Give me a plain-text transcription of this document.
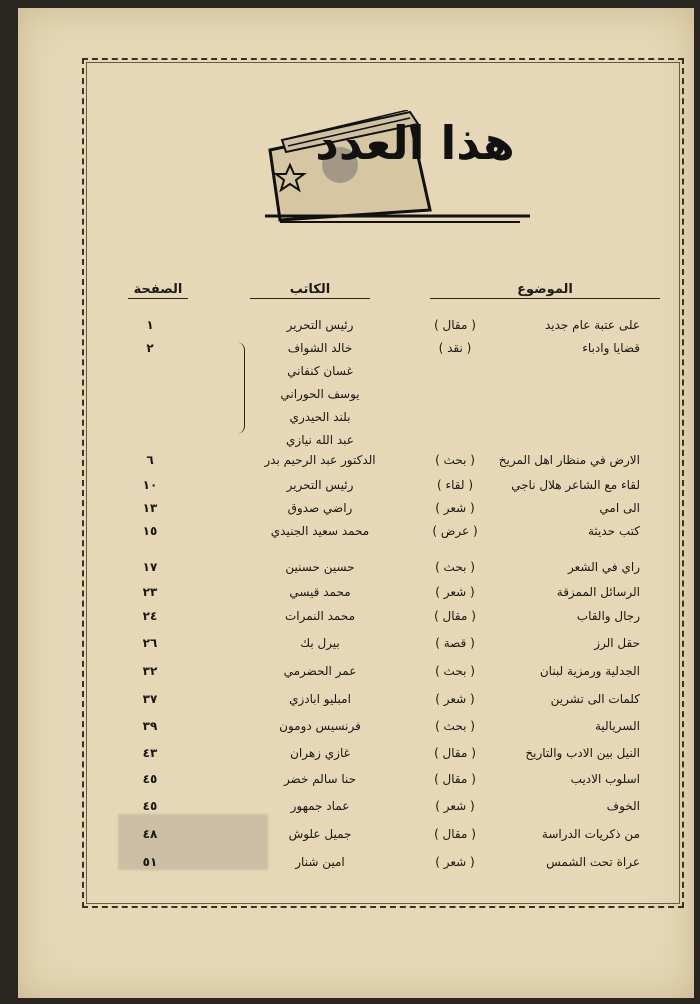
هذا العدد
الموضوع
الكاتب
الصفحة
على عتبة عام جديد
( مقال )
رئيس التحرير
١
قضايا وادباء
( نقد )
خالد الشواف
٢
غسان كنفاني
يوسف الحوراني
بلند الحيدري
عبد الله نيازي
الارض في منظار اهل المريخ
( بحث )
الدكتور عبد الرحيم بدر
٦
لقاء مع الشاعر هلال ناجي
( لقاء )
رئيس التحرير
١٠
الى امي
( شعر )
راضي صدوق
١٣
كتب حديثة
( عرض )
محمد سعيد الجنيدي
١٥
راي في الشعر
( بحث )
حسين حسنين
١٧
الرسائل الممزقة
( شعر )
محمد قيسي
٢٣
رجال والقاب
( مقال )
محمد النمرات
٢٤
حقل الرز
( قصة )
بيرل بك
٢٦
الجدلية ورمزية لبنان
( بحث )
عمر الحضرمي
٣٢
كلمات الى تشرين
( شعر )
امبليو ابادزي
٣٧
السريالية
( بحث )
فرنسيس دومون
٣٩
النيل بين الادب والتاريخ
( مقال )
غازي زهران
٤٣
اسلوب الاديب
( مقال )
حنا سالم خضر
٤٥
الخوف
( شعر )
عماد جمهور
٤٥
من ذكريات الدراسة
( مقال )
جميل علوش
٤٨
عراة تحت الشمس
( شعر )
امين شنار
٥١
